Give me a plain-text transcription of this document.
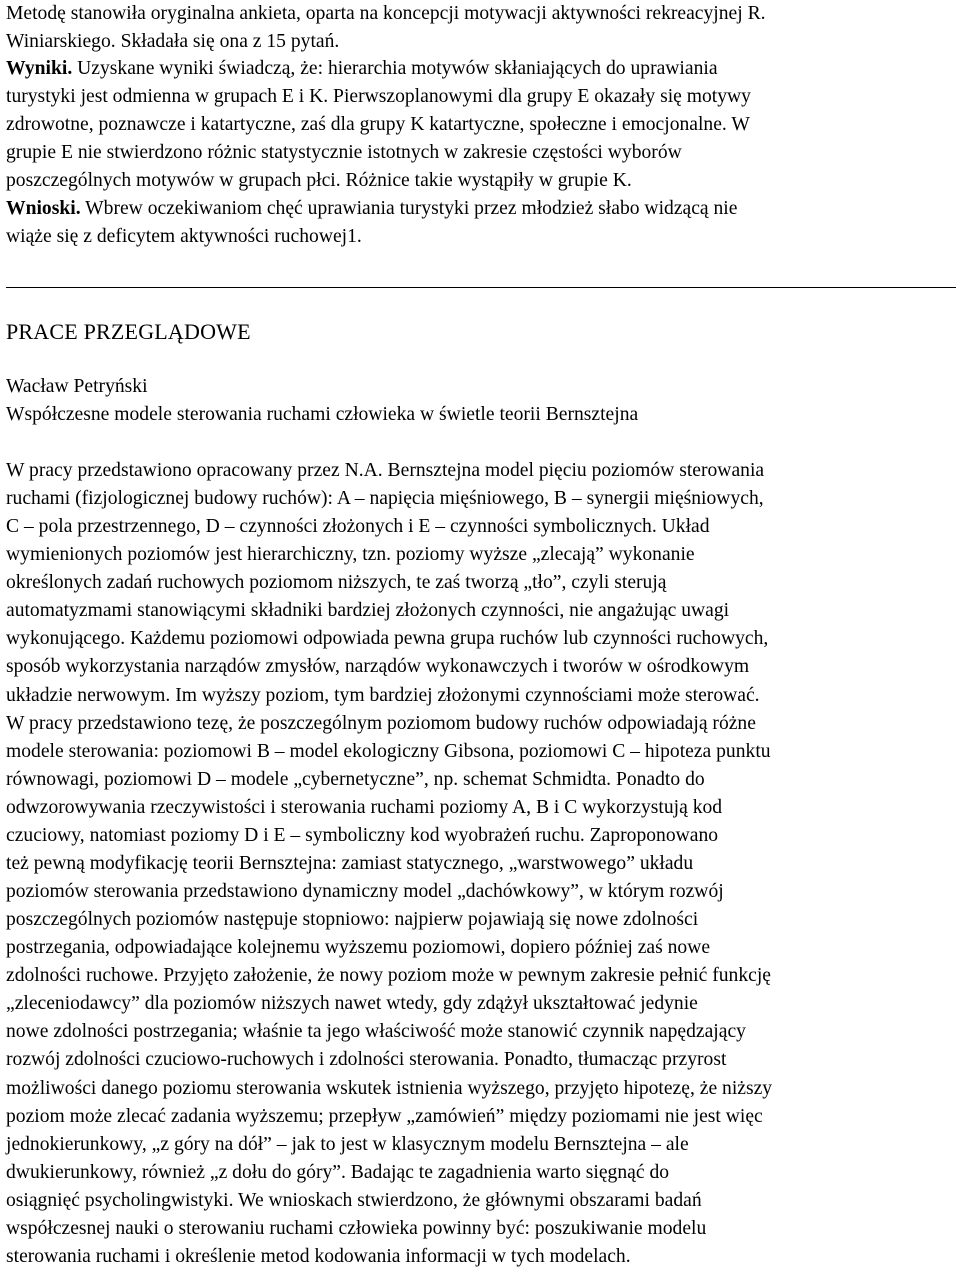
Metodę stanowiła oryginalna ankieta, oparta na koncepcji motywacji aktywności rekreacyjnej R.
Winiarskiego. Składała się ona z 15 pytań.
Wyniki. Uzyskane wyniki świadczą, że: hierarchia motywów skłaniających do uprawiania
turystyki jest odmienna w grupach E i K. Pierwszoplanowymi dla grupy E okazały się motywy
zdrowotne, poznawcze i katartyczne, zaś dla grupy K katartyczne, społeczne i emocjonalne. W
grupie E nie stwierdzono różnic statystycznie istotnych w zakresie częstości wyborów
poszczególnych motywów w grupach płci. Różnice takie wystąpiły w grupie K.
Wnioski. Wbrew oczekiwaniom chęć uprawiania turystyki przez młodzież słabo widzącą nie
wiąże się z deficytem aktywności ruchowej1.
PRACE PRZEGLĄDOWE
Wacław Petryński
Współczesne modele sterowania ruchami człowieka w świetle teorii Bernsztejna
W pracy przedstawiono opracowany przez N.A. Bernsztejna model pięciu poziomów sterowania
ruchami (fizjologicznej budowy ruchów): A – napięcia mięśniowego, B – synergii mięśniowych,
C – pola przestrzennego, D – czynności złożonych i E – czynności symbolicznych. Układ
wymienionych poziomów jest hierarchiczny, tzn. poziomy wyższe „zlecają” wykonanie
określonych zadań ruchowych poziomom niższych, te zaś tworzą „tło”, czyli sterują
automatyzmami stanowiącymi składniki bardziej złożonych czynności, nie angażując uwagi
wykonującego. Każdemu poziomowi odpowiada pewna grupa ruchów lub czynności ruchowych,
sposób wykorzystania narządów zmysłów, narządów wykonawczych i tworów w ośrodkowym
układzie nerwowym. Im wyższy poziom, tym bardziej złożonymi czynnościami może sterować.
W pracy przedstawiono tezę, że poszczególnym poziomom budowy ruchów odpowiadają różne
modele sterowania: poziomowi B – model ekologiczny Gibsona, poziomowi C – hipoteza punktu
równowagi, poziomowi D – modele „cybernetyczne”, np. schemat Schmidta. Ponadto do
odwzorowywania rzeczywistości i sterowania ruchami poziomy A, B i C wykorzystują kod
czuciowy, natomiast poziomy D i E – symboliczny kod wyobrażeń ruchu. Zaproponowano
też pewną modyfikację teorii Bernsztejna: zamiast statycznego, „warstwowego” układu
poziomów sterowania przedstawiono dynamiczny model „dachówkowy”, w którym rozwój
poszczególnych poziomów następuje stopniowo: najpierw pojawiają się nowe zdolności
postrzegania, odpowiadające kolejnemu wyższemu poziomowi, dopiero później zaś nowe
zdolności ruchowe. Przyjęto założenie, że nowy poziom może w pewnym zakresie pełnić funkcję
„zleceniodawcy” dla poziomów niższych nawet wtedy, gdy zdążył ukształtować jedynie
nowe zdolności postrzegania; właśnie ta jego właściwość może stanowić czynnik napędzający
rozwój zdolności czuciowo-ruchowych i zdolności sterowania. Ponadto, tłumacząc przyrost
możliwości danego poziomu sterowania wskutek istnienia wyższego, przyjęto hipotezę, że niższy
poziom może zlecać zadania wyższemu; przepływ „zamówień” między poziomami nie jest więc
jednokierunkowy, „z góry na dół” – jak to jest w klasycznym modelu Bernsztejna – ale
dwukierunkowy, również „z dołu do góry”. Badając te zagadnienia warto sięgnąć do
osiągnięć psycholingwistyki. We wnioskach stwierdzono, że głównymi obszarami badań
współczesnej nauki o sterowaniu ruchami człowieka powinny być: poszukiwanie modelu
sterowania ruchami i określenie metod kodowania informacji w tych modelach.
